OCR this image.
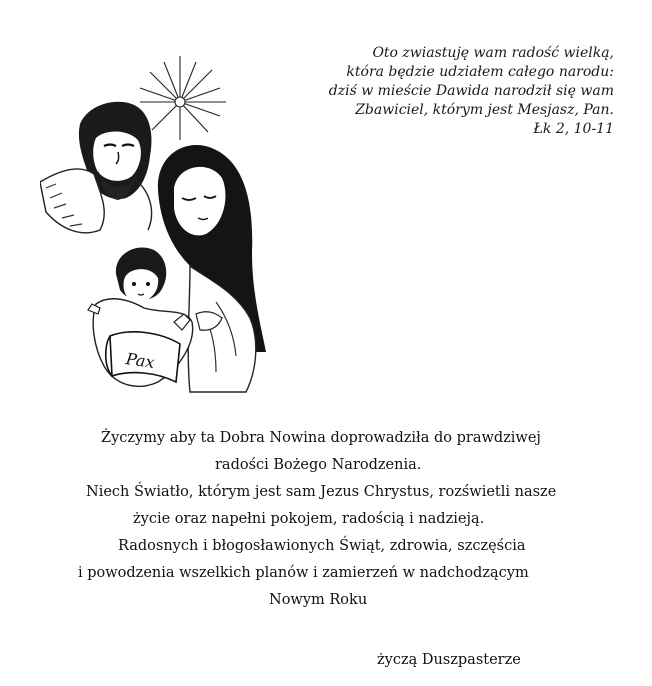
Oto zwiastuję wam radość wielką,
która będzie udziałem całego narodu:
dziś w mieście Dawida narodził się wam
Zbawiciel, którym jest Mesjasz, Pan.
Łk 2, 10-11
Pax
Życzymy aby ta Dobra Nowina doprowadziła do prawdziwej
radości Bożego Narodzenia.
Niech Światło, którym jest sam Jezus Chrystus, rozświetli nasze
życie oraz napełni pokojem, radością i nadzieją.
Radosnych i błogosławionych Świąt, zdrowia, szczęścia
i powodzenia wszelkich planów i zamierzeń w nadchodzącym
Nowym Roku
życzą Duszpasterze
